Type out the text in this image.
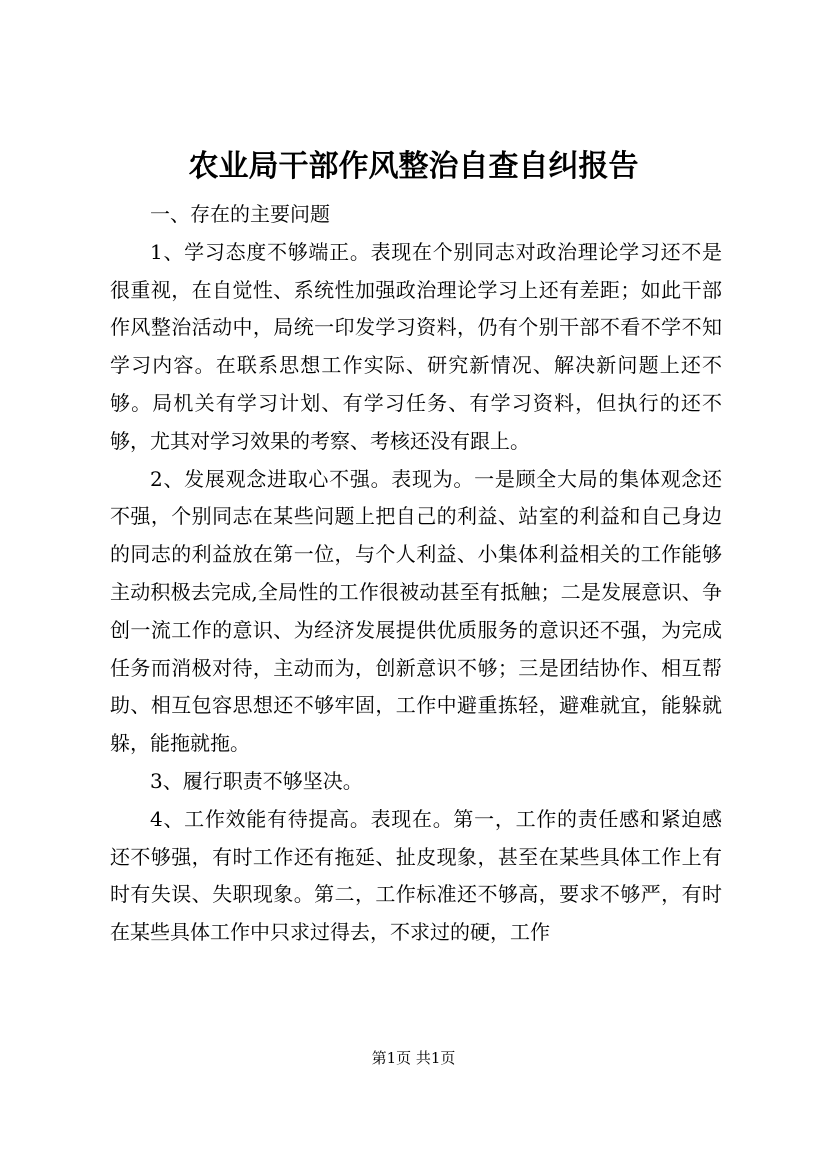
农业局干部作风整治自查自纠报告

一、存在的主要问题

1、学习态度不够端正。表现在个别同志对政治理论学习还不是很重视，在自觉性、系统性加强政治理论学习上还有差距；如此干部作风整治活动中，局统一印发学习资料，仍有个别干部不看不学不知学习内容。在联系思想工作实际、研究新情况、解决新问题上还不够。局机关有学习计划、有学习任务、有学习资料，但执行的还不够，尤其对学习效果的考察、考核还没有跟上。

2、发展观念进取心不强。表现为。一是顾全大局的集体观念还不强，个别同志在某些问题上把自己的利益、站室的利益和自己身边的同志的利益放在第一位，与个人利益、小集体利益相关的工作能够主动积极去完成,全局性的工作很被动甚至有抵触；二是发展意识、争创一流工作的意识、为经济发展提供优质服务的意识还不强，为完成任务而消极对待，主动而为，创新意识不够；三是团结协作、相互帮助、相互包容思想还不够牢固，工作中避重拣轻，避难就宜，能躲就躲，能拖就拖。

3、履行职责不够坚决。

4、工作效能有待提高。表现在。第一，工作的责任感和紧迫感还不够强，有时工作还有拖延、扯皮现象，甚至在某些具体工作上有时有失误、失职现象。第二，工作标准还不够高，要求不够严，有时在某些具体工作中只求过得去，不求过的硬，工作

第1页 共1页
